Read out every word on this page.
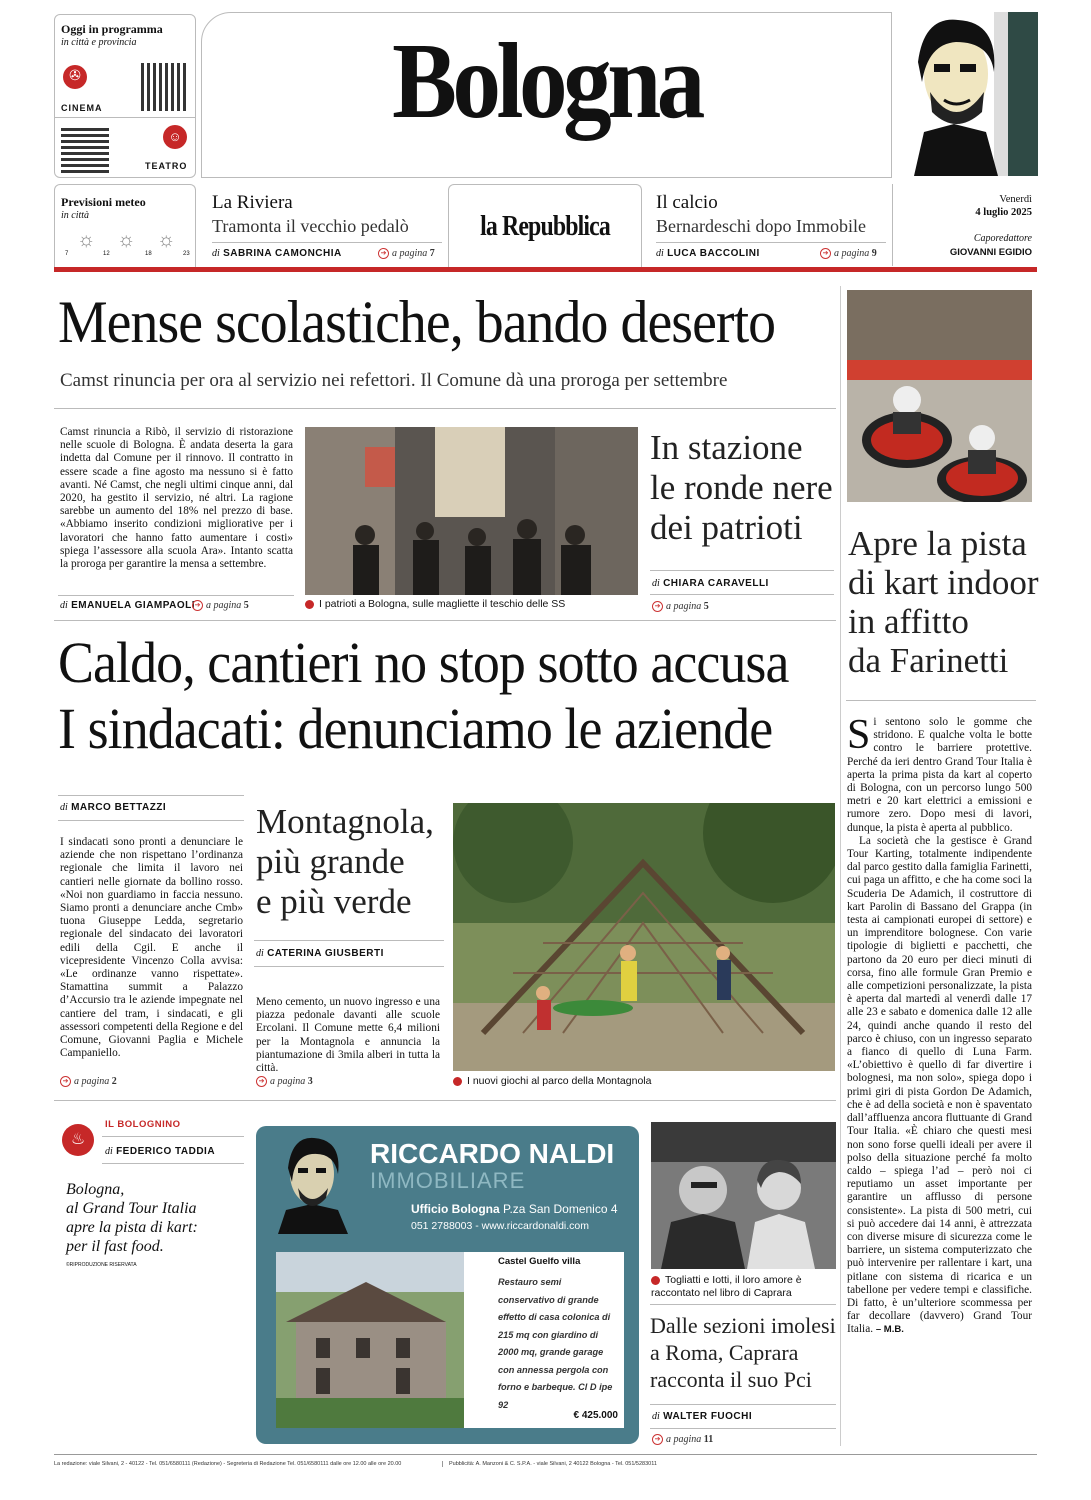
Oggi in programma
in città e provincia
✇
CINEMA
☺
TEATRO
Bologna
Previsioni meteo
in città
☼ ☼ ☼
7	12	18	23
La Riviera
Tramonta il vecchio pedalò
di SABRINA CAMONCHIA	➔ a pagina 7
la Repubblica
Il calcio
Bernardeschi dopo Immobile
di LUCA BACCOLINI	➔ a pagina 9
Venerdì
4 luglio 2025
Caporedattore
GIOVANNI EGIDIO
Mense scolastiche, bando deserto
Camst rinuncia per ora al servizio nei refettori. Il Comune dà una proroga per settembre
Camst rinuncia a Ribò, il servizio di ristorazione nelle scuole di Bologna. È andata deserta la gara indetta dal Comune per il rinnovo. Il contratto in essere scade a fine agosto ma nessuno si è fatto avanti. Né Camst, che negli ultimi cinque anni, dal 2020, ha gestito il servizio, né altri. La ragione sarebbe un aumento del 18% nel prezzo di base. «Abbiamo inserito condizioni migliorative per i lavoratori che hanno fatto aumentare i costi» spiega l’assessore alla scuola Ara». Intanto scatta la proroga per garantire la mensa a settembre.
di EMANUELA GIAMPAOLI ➔ a pagina 5	I patrioti a Bologna, sulle magliette il teschio delle SS
In stazione
le ronde nere
dei patrioti
di CHIARA CARAVELLI
➔ a pagina 5
Apre la pista
di kart indoor
in affitto
da Farinetti
Si sentono solo le gomme che stridono. E qualche volta le botte contro le barriere protettive. Perché da ieri dentro Grand Tour Italia è aperta la prima pista da kart al coperto di Bologna, con un percorso lungo 500 metri e 20 kart elettrici a emissioni e rumore zero. Dopo mesi di lavori, dunque, la pista è aperta al pubblico.
La società che la gestisce è Grand Tour Karting, totalmente indipendente dal parco gestito dalla famiglia Farinetti, cui paga un affitto, e che ha come soci la Scuderia De Adamich, il costruttore di kart Parolin di Bassano del Grappa (in testa ai campionati europei di settore) e un imprenditore bolognese. Con varie tipologie di biglietti e pacchetti, che partono da 20 euro per dieci minuti di corsa, fino alle formule Gran Premio e alle competizioni personalizzate, la pista è aperta dal martedì al venerdì dalle 17 alle 23 e sabato e domenica dalle 12 alle 24, quindi anche quando il resto del parco è chiuso, con un ingresso separato a fianco di quello di Luna Farm. «L’obiettivo è quello di far divertire i bolognesi, ma non solo», spiega dopo i primi giri di pista Gordon De Adamich, che è ad della società e non è spaventato dall’affluenza ancora fluttuante di Grand Tour Italia. «È chiaro che questi mesi non sono forse quelli ideali per avere il polso della situazione perché fa molto caldo – spiega l’ad – però noi ci reputiamo un asset importante per garantire un afflusso di persone consistente». La pista di 500 metri, cui si può accedere dai 14 anni, è attrezzata con diverse misure di sicurezza come le barriere, un sistema computerizzato che può intervenire per rallentare i kart, una pitlane con sistema di ricarica e un tabellone per vedere tempi e classifiche. Di fatto, è un’ulteriore scommessa per far decollare (davvero) Grand Tour Italia. – M.B.
Caldo, cantieri no stop sotto accusa
I sindacati: denunciamo le aziende
di MARCO BETTAZZI
I sindacati sono pronti a denunciare le aziende che non rispettano l’ordinanza regionale che limita il lavoro nei cantieri nelle giornate da bollino rosso. «Noi non guardiamo in faccia nessuno. Siamo pronti a denunciare anche Cmb» tuona Giuseppe Ledda, segretario regionale del sindacato dei lavoratori edili della Cgil. E anche il vicepresidente Vincenzo Colla avvisa: «Le ordinanze vanno rispettate». Stamattina summit a Palazzo d’Accursio tra le aziende impegnate nel cantiere del tram, i sindacati, e gli assessori competenti della Regione e del Comune, Giovanni Paglia e Michele Campaniello.
➔ a pagina 2
Montagnola,
più grande
e più verde
di CATERINA GIUSBERTI
Meno cemento, un nuovo ingresso e una piazza pedonale davanti alle scuole Ercolani. Il Comune mette 6,4 milioni per la Montagnola e annuncia la piantumazione di 3mila alberi in tutta la città.
➔ a pagina 3	I nuovi giochi al parco della Montagnola
♨
IL BOLOGNINO
di FEDERICO TADDIA
Bologna,
al Grand Tour Italia
apre la pista di kart:
per il fast food.
©RIPRODUZIONE RISERVATA
RICCARDO NALDI
IMMOBILIARE
Ufficio Bologna P.za San Domenico 4
051 2788003 - www.riccardonaldi.com
Castel Guelfo villa
Restauro semi conservativo di grande effetto di casa colonica di 215 mq con giardino di 2000 mq, grande garage con annessa pergola con forno e barbeque. Cl D ipe 92
€ 425.000
Togliatti e Iotti, il loro amore è raccontato nel libro di Caprara
Dalle sezioni imolesi
a Roma, Caprara
racconta il suo Pci
di WALTER FUOCHI
➔ a pagina 11
La redazione: viale Silvani, 2 - 40122 - Tel. 051/6580111 (Redazione) - Segreteria di Redazione Tel. 051/6580111 dalle ore 12.00 alle ore 20.00	Pubblicità: A. Manzoni & C. S.P.A. - viale Silvani, 2 40122 Bologna - Tel. 051/5283011
